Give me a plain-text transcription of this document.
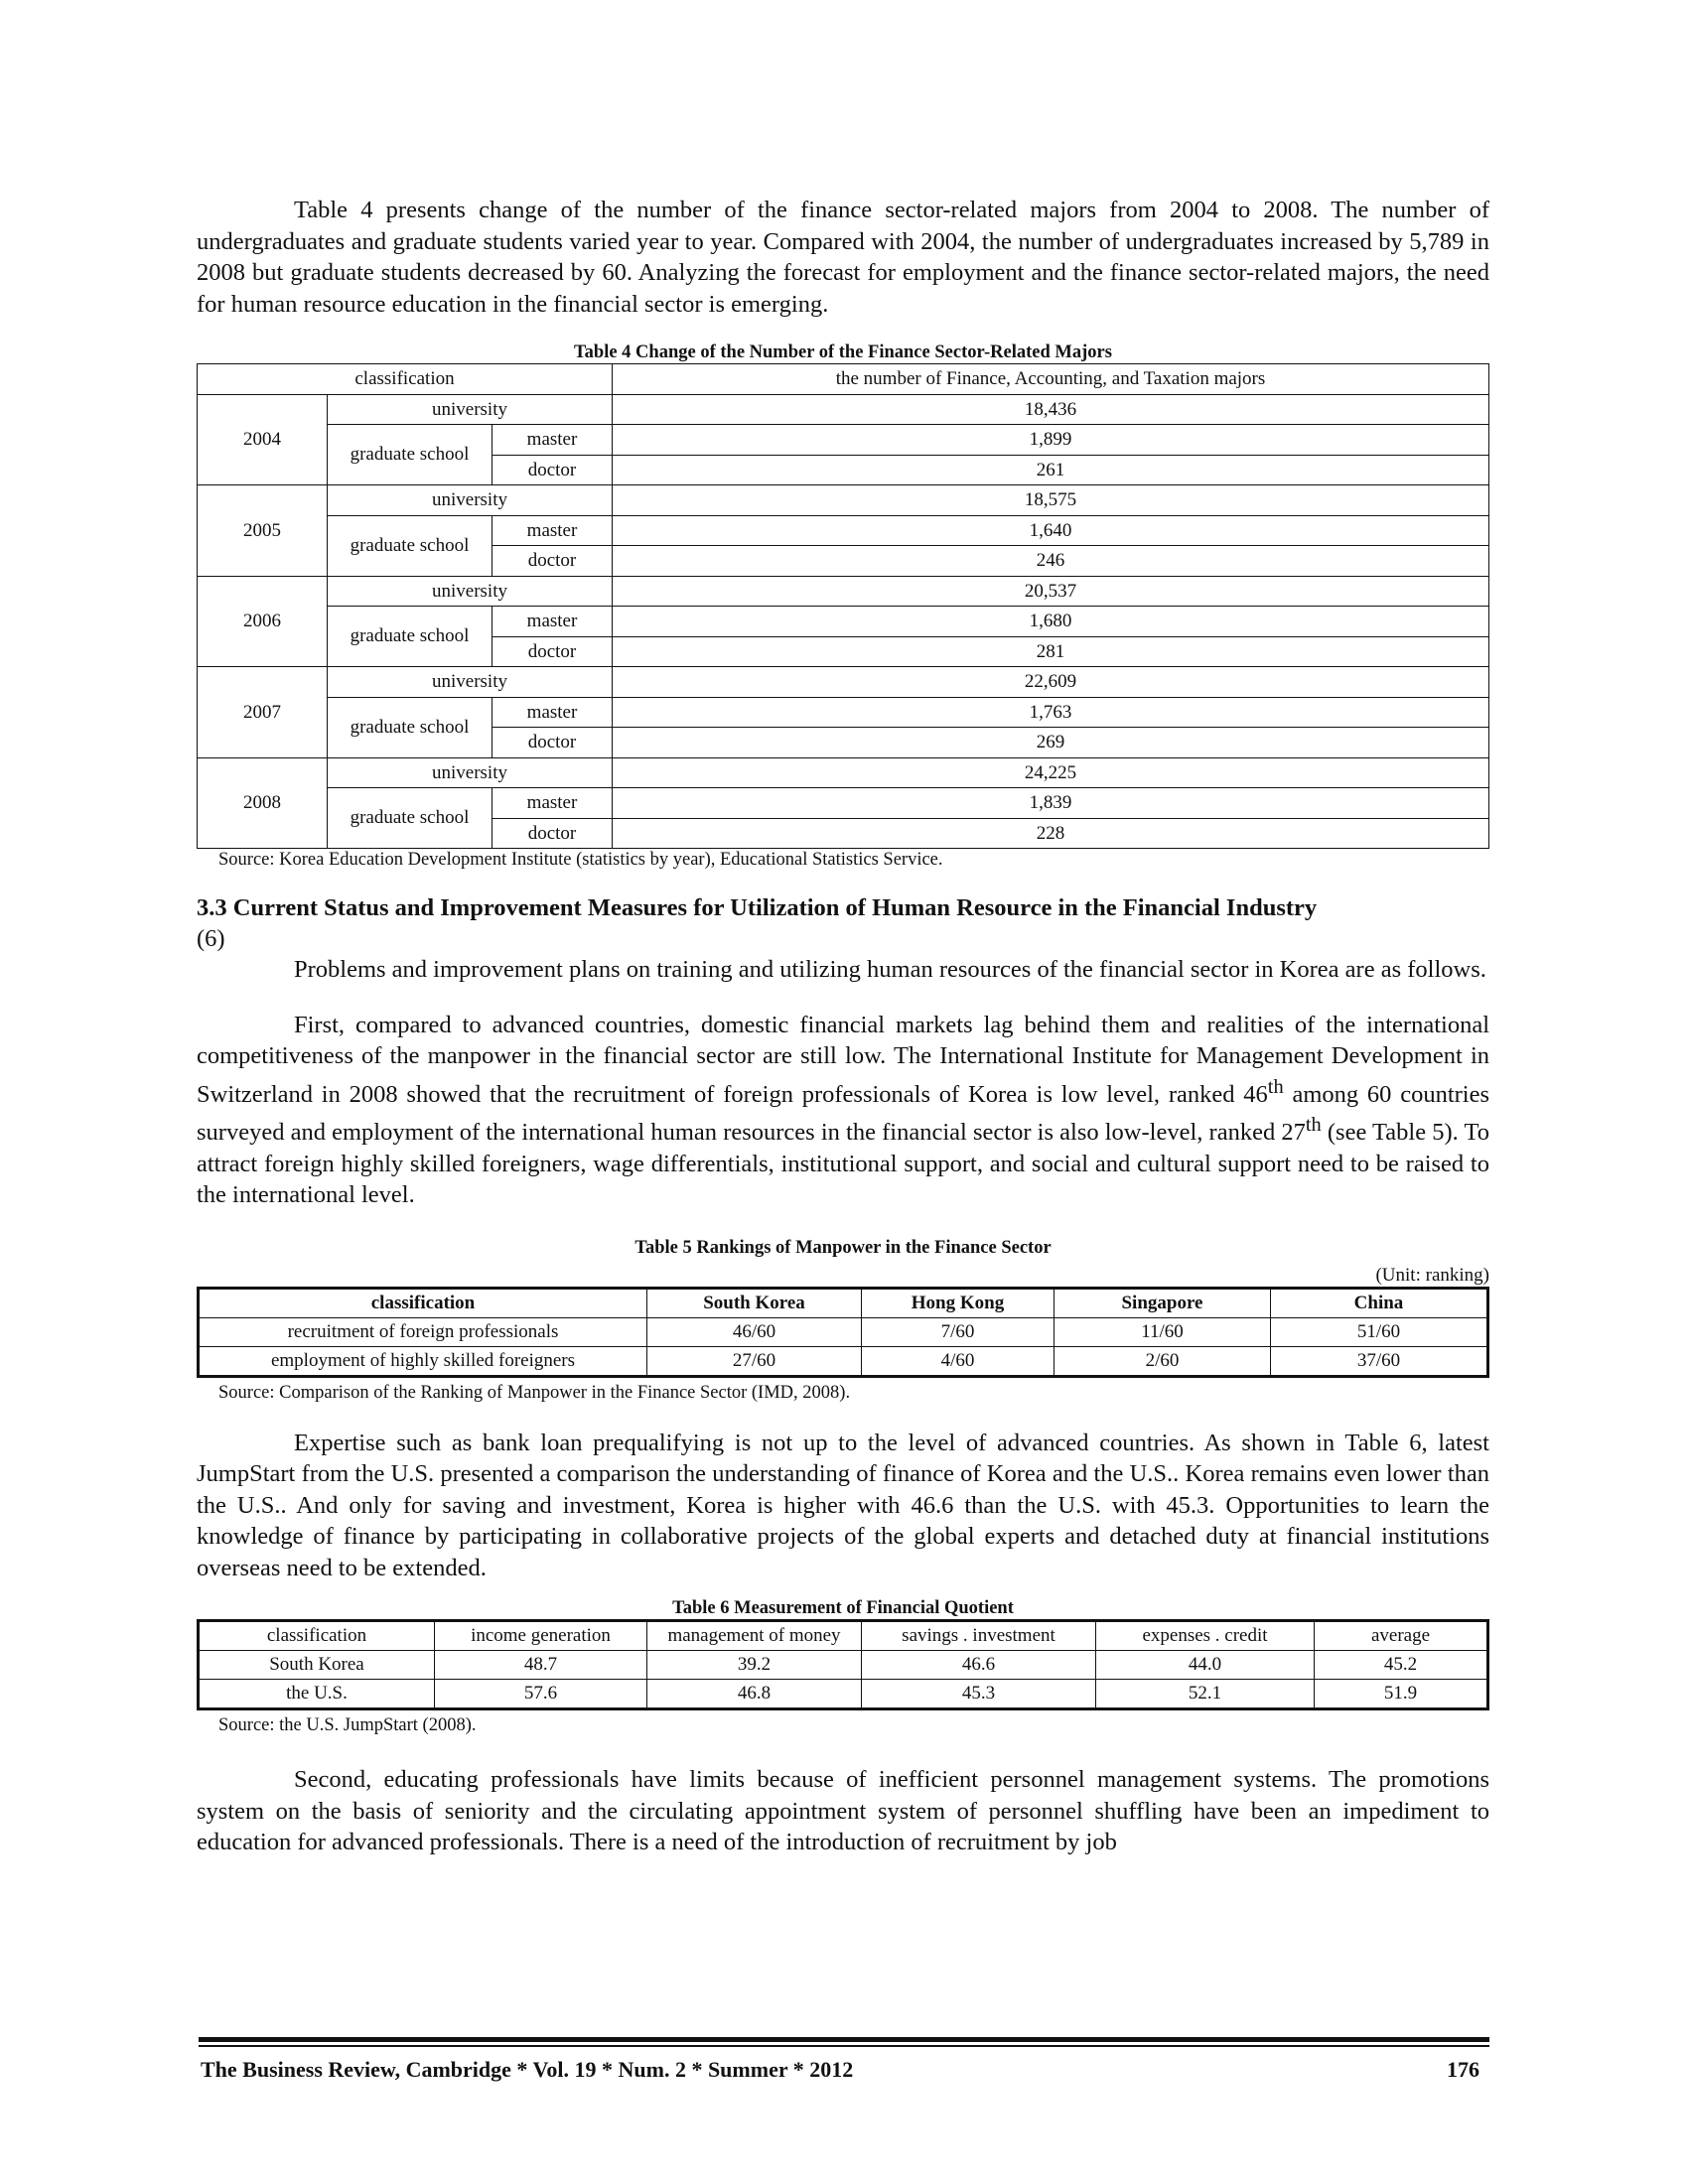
Table 4 presents change of the number of the finance sector-related majors from 2004 to 2008. The number of undergraduates and graduate students varied year to year. Compared with 2004, the number of undergraduates increased by 5,789 in 2008 but graduate students decreased by 60. Analyzing the forecast for employment and the finance sector-related majors, the need for human resource education in the financial sector is emerging.

Table 4 Change of the Number of the Finance Sector-Related Majors
classification			the number of Finance, Accounting, and Taxation majors
2004	university		18,436
	graduate school	master	1,899
		doctor	261
2005	university		18,575
	graduate school	master	1,640
		doctor	246
2006	university		20,537
	graduate school	master	1,680
		doctor	281
2007	university		22,609
	graduate school	master	1,763
		doctor	269
2008	university		24,225
	graduate school	master	1,839
		doctor	228
Source: Korea Education Development Institute (statistics by year), Educational Statistics Service.
3.3 Current Status and Improvement Measures for Utilization of Human Resource in the Financial Industry
(6)

Problems and improvement plans on training and utilizing human resources of the financial sector in Korea are as follows.

First, compared to advanced countries, domestic financial markets lag behind them and realities of the international competitiveness of the manpower in the financial sector are still low. The International Institute for Management Development in Switzerland in 2008 showed that the recruitment of foreign professionals of Korea is low level, ranked 46th among 60 countries surveyed and employment of the international human resources in the financial sector is also low-level, ranked 27th (see Table 5). To attract foreign highly skilled foreigners, wage differentials, institutional support, and social and cultural support need to be raised to the international level.

Table 5 Rankings of Manpower in the Finance Sector
(Unit: ranking)
classification	South Korea	Hong Kong	Singapore	China
recruitment of foreign professionals	46/60	7/60	11/60	51/60
employment of highly skilled foreigners	27/60	4/60	2/60	37/60
Source: Comparison of the Ranking of Manpower in the Finance Sector (IMD, 2008).

Expertise such as bank loan prequalifying is not up to the level of advanced countries. As shown in Table 6, latest JumpStart from the U.S. presented a comparison the understanding of finance of Korea and the U.S.. Korea remains even lower than the U.S.. And only for saving and investment, Korea is higher with 46.6 than the U.S. with 45.3. Opportunities to learn the knowledge of finance by participating in collaborative projects of the global experts and detached duty at financial institutions overseas need to be extended.

Table 6 Measurement of Financial Quotient
classification	income generation	management of money	savings . investment	expenses . credit	average
South Korea	48.7	39.2	46.6	44.0	45.2
the U.S.	57.6	46.8	45.3	52.1	51.9
Source: the U.S. JumpStart (2008).

Second, educating professionals have limits because of inefficient personnel management systems. The promotions system on the basis of seniority and the circulating appointment system of personnel shuffling have been an impediment to education for advanced professionals. There is a need of the introduction of recruitment by job

The Business Review, Cambridge * Vol. 19 * Num. 2 * Summer * 2012	176
